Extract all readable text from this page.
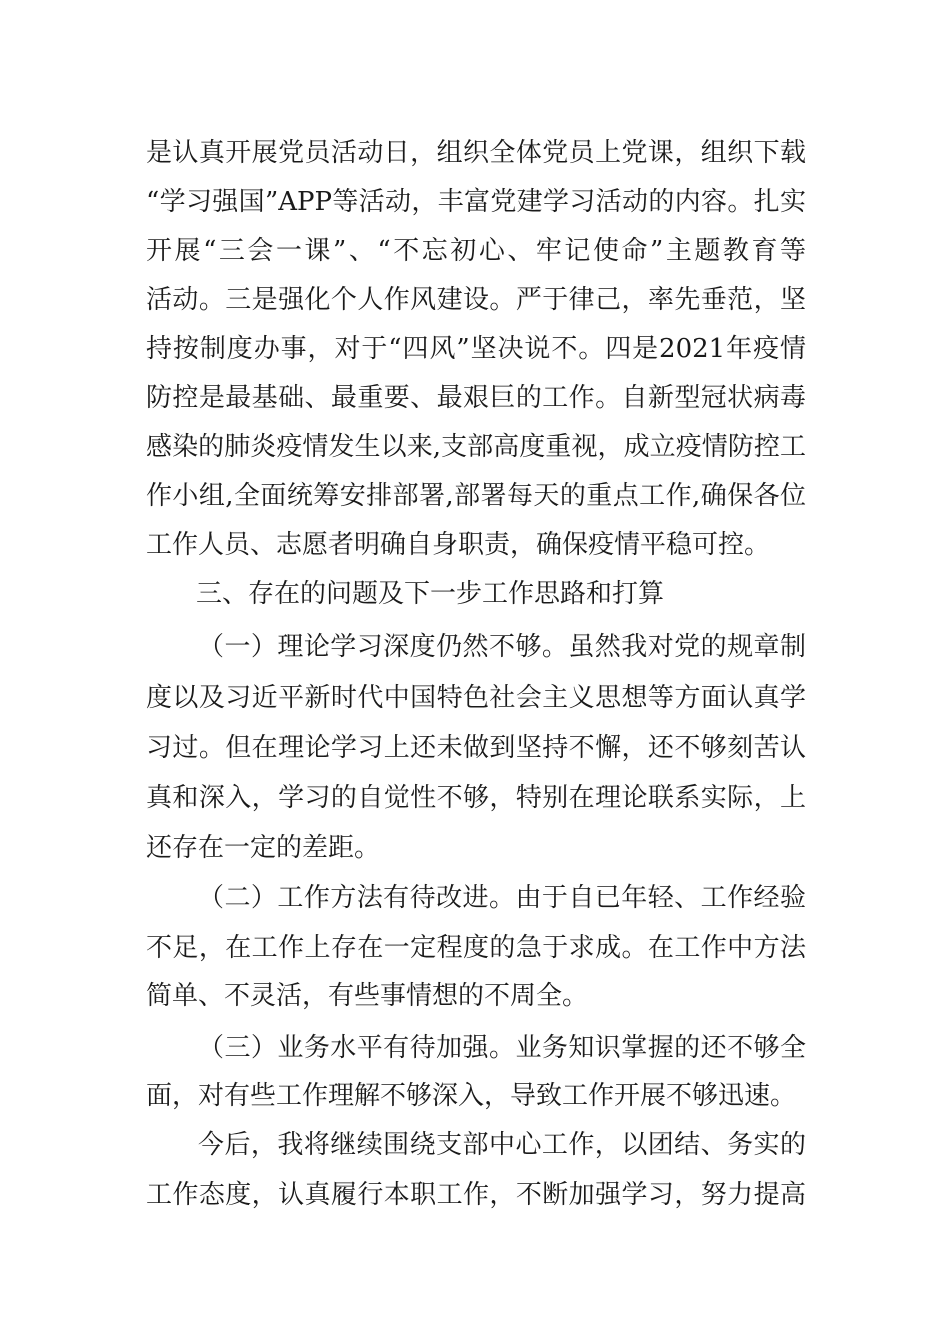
是认真开展党员活动日，组织全体党员上党课，组织下载
“学习强国”APP等活动，丰富党建学习活动的内容。扎实
开展“三会一课”、“不忘初心、牢记使命”主题教育等
活动。三是强化个人作风建设。严于律己，率先垂范，坚
持按制度办事，对于“四风”坚决说不。四是2021年疫情
防控是最基础、最重要、最艰巨的工作。自新型冠状病毒
感染的肺炎疫情发生以来,支部高度重视，成立疫情防控工
作小组,全面统筹安排部署,部署每天的重点工作,确保各位
工作人员、志愿者明确自身职责，确保疫情平稳可控。
三、存在的问题及下一步工作思路和打算
（一）理论学习深度仍然不够。虽然我对党的规章制
度以及习近平新时代中国特色社会主义思想等方面认真学
习过。但在理论学习上还未做到坚持不懈，还不够刻苦认
真和深入，学习的自觉性不够，特别在理论联系实际，上
还存在一定的差距。
（二）工作方法有待改进。由于自已年轻、工作经验
不足，在工作上存在一定程度的急于求成。在工作中方法
简单、不灵活，有些事情想的不周全。
（三）业务水平有待加强。业务知识掌握的还不够全
面，对有些工作理解不够深入，导致工作开展不够迅速。
今后，我将继续围绕支部中心工作，以团结、务实的
工作态度，认真履行本职工作，不断加强学习，努力提高
